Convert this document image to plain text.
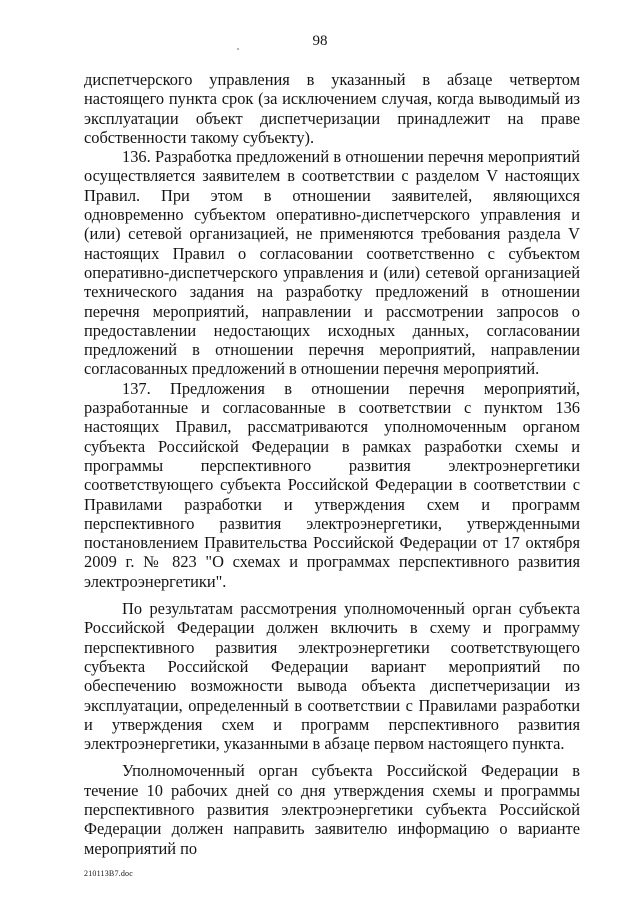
98

диспетчерского управления в указанный в абзаце четвертом настоящего пункта срок (за исключением случая, когда выводимый из эксплуатации объект диспетчеризации принадлежит на праве собственности такому субъекту).

136. Разработка предложений в отношении перечня мероприятий осуществляется заявителем в соответствии с разделом V настоящих Правил. При этом в отношении заявителей, являющихся одновременно субъектом оперативно-диспетчерского управления и (или) сетевой организацией, не применяются требования раздела V настоящих Правил о согласовании соответственно с субъектом оперативно-диспетчерского управления и (или) сетевой организацией технического задания на разработку предложений в отношении перечня мероприятий, направлении и рассмотрении запросов о предоставлении недостающих исходных данных, согласовании предложений в отношении перечня мероприятий, направлении согласованных предложений в отношении перечня мероприятий.

137. Предложения в отношении перечня мероприятий, разработанные и согласованные в соответствии с пунктом 136 настоящих Правил, рассматриваются уполномоченным органом субъекта Российской Федерации в рамках разработки схемы и программы перспективного развития электроэнергетики соответствующего субъекта Российской Федерации в соответствии с Правилами разработки и утверждения схем и программ перспективного развития электроэнергетики, утвержденными постановлением Правительства Российской Федерации от 17 октября 2009 г. № 823 "О схемах и программах перспективного развития электроэнергетики".

По результатам рассмотрения уполномоченный орган субъекта Российской Федерации должен включить в схему и программу перспективного развития электроэнергетики соответствующего субъекта Российской Федерации вариант мероприятий по обеспечению возможности вывода объекта диспетчеризации из эксплуатации, определенный в соответствии с Правилами разработки и утверждения схем и программ перспективного развития электроэнергетики, указанными в абзаце первом настоящего пункта.

Уполномоченный орган субъекта Российской Федерации в течение 10 рабочих дней со дня утверждения схемы и программы перспективного развития электроэнергетики субъекта Российской Федерации должен направить заявителю информацию о варианте мероприятий по

210113В7.doc
